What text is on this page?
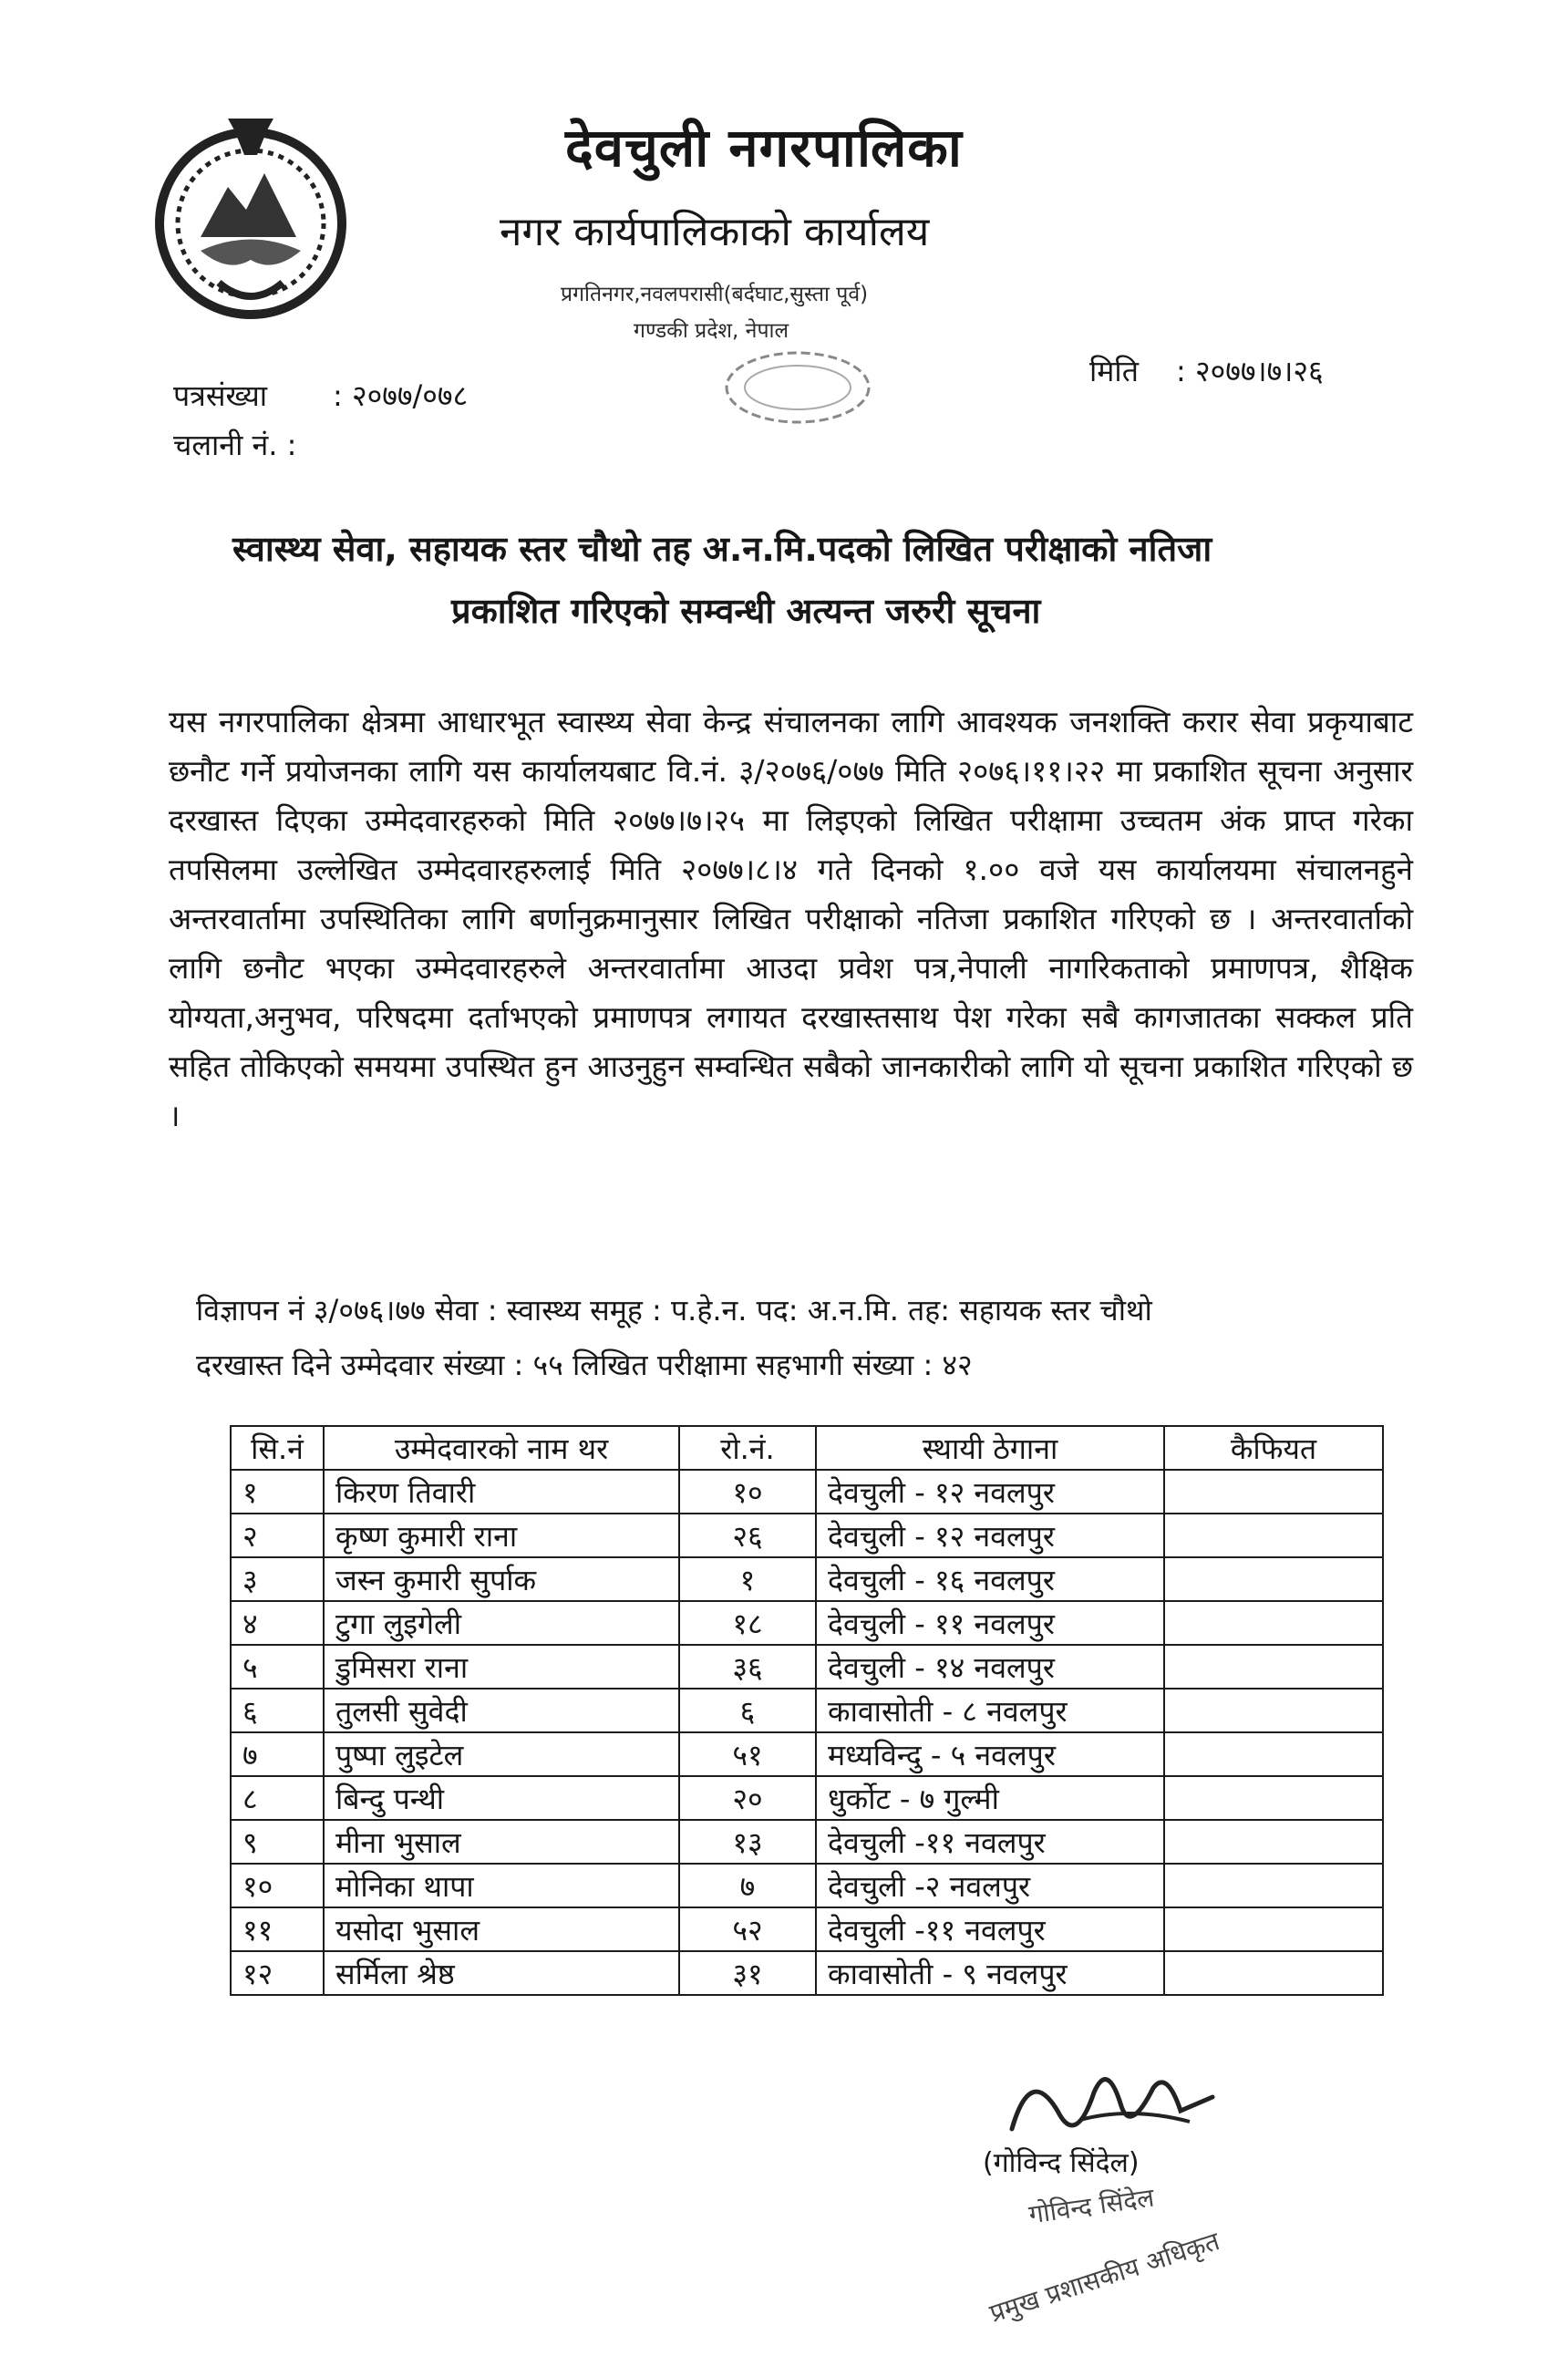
देवचुली नगरपालिका
नगर कार्यपालिकाको कार्यालय
प्रगतिनगर,नवलपरासी(बर्दघाट,सुस्ता पूर्व)
गण्डकी प्रदेश, नेपाल
पत्रसंख्या : २०७७/०७८
चलानी नं. :
मिति : २०७७।७।२६
स्वास्थ्य सेवा, सहायक स्तर चौथो तह अ.न.मि.पदको लिखित परीक्षाको नतिजा
प्रकाशित गरिएको सम्वन्धी अत्यन्त जरुरी सूचना
यस नगरपालिका क्षेत्रमा आधारभूत स्वास्थ्य सेवा केन्द्र संचालनका लागि आवश्यक जनशक्ति करार सेवा प्रकृयाबाट छनौट गर्ने प्रयोजनका लागि यस कार्यालयबाट वि.नं. ३/२०७६/०७७ मिति २०७६।११।२२ मा प्रकाशित सूचना अनुसार दरखास्त दिएका उम्मेदवारहरुको मिति २०७७।७।२५ मा लिइएको लिखित परीक्षामा उच्चतम अंक प्राप्त गरेका तपसिलमा उल्लेखित उम्मेदवारहरुलाई मिति २०७७।८।४ गते दिनको १.०० वजे यस कार्यालयमा संचालनहुने अन्तरवार्तामा उपस्थितिका लागि बर्णानुक्रमानुसार लिखित परीक्षाको नतिजा प्रकाशित गरिएको छ । अन्तरवार्ताको लागि छनौट भएका उम्मेदवारहरुले अन्तरवार्तामा आउदा प्रवेश पत्र,नेपाली नागरिकताको प्रमाणपत्र, शैक्षिक योग्यता,अनुभव, परिषदमा दर्ताभएको प्रमाणपत्र लगायत दरखास्तसाथ पेश गरेका सबै कागजातका सक्कल प्रति सहित तोकिएको समयमा उपस्थित हुन आउनुहुन सम्वन्धित सबैको जानकारीको लागि यो सूचना प्रकाशित गरिएको छ ।
विज्ञापन नं ३/०७६।७७ सेवा : स्वास्थ्य समूह : प.हे.न. पद: अ.न.मि. तह: सहायक स्तर चौथो
दरखास्त दिने उम्मेदवार संख्या : ५५ लिखित परीक्षामा सहभागी संख्या : ४२
सि.नं	उम्मेदवारको नाम थर	रो.नं.	स्थायी ठेगाना	कैफियत
१	किरण तिवारी	१०	देवचुली - १२ नवलपुर	
२	कृष्ण कुमारी राना	२६	देवचुली - १२ नवलपुर	
३	जस्न कुमारी सुर्पाक	१	देवचुली - १६ नवलपुर	
४	टुगा लुइगेली	१८	देवचुली - ११ नवलपुर	
५	डुमिसरा राना	३६	देवचुली - १४ नवलपुर	
६	तुलसी सुवेदी	६	कावासोती - ८ नवलपुर	
७	पुष्पा लुइटेल	५१	मध्यविन्दु - ५ नवलपुर	
८	बिन्दु पन्थी	२०	धुर्कोट - ७ गुल्मी	
९	मीना भुसाल	१३	देवचुली -११ नवलपुर	
१०	मोनिका थापा	७	देवचुली -२ नवलपुर	
११	यसोदा भुसाल	५२	देवचुली -११ नवलपुर	
१२	सर्मिला श्रेष्ठ	३१	कावासोती - ९ नवलपुर	
(गोविन्द सिंदेल)
गोविन्द सिंदेल
प्रमुख प्रशासकीय अधिकृत
